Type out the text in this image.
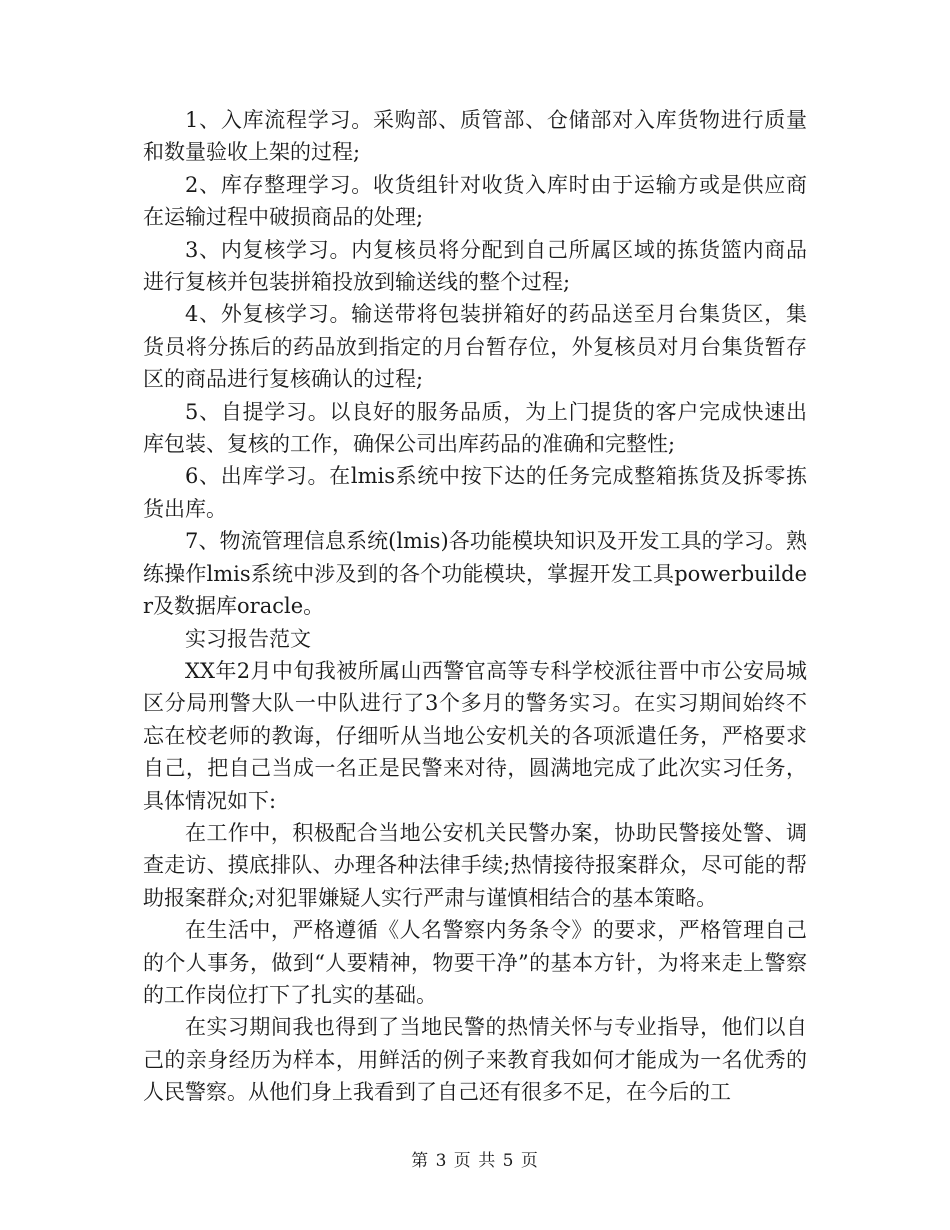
1、入库流程学习。采购部、质管部、仓储部对入库货物进行质量和数量验收上架的过程;

2、库存整理学习。收货组针对收货入库时由于运输方或是供应商在运输过程中破损商品的处理;

3、内复核学习。内复核员将分配到自己所属区域的拣货篮内商品进行复核并包装拼箱投放到输送线的整个过程;

4、外复核学习。输送带将包装拼箱好的药品送至月台集货区，集货员将分拣后的药品放到指定的月台暂存位，外复核员对月台集货暂存区的商品进行复核确认的过程;

5、自提学习。以良好的服务品质，为上门提货的客户完成快速出库包装、复核的工作，确保公司出库药品的准确和完整性;

6、出库学习。在lmis系统中按下达的任务完成整箱拣货及拆零拣货出库。

7、物流管理信息系统(lmis)各功能模块知识及开发工具的学习。熟练操作lmis系统中涉及到的各个功能模块，掌握开发工具powerbuilder及数据库oracle。

实习报告范文

XX年2月中旬我被所属山西警官高等专科学校派往晋中市公安局城区分局刑警大队一中队进行了3个多月的警务实习。在实习期间始终不忘在校老师的教诲，仔细听从当地公安机关的各项派遣任务，严格要求自己，把自己当成一名正是民警来对待，圆满地完成了此次实习任务，具体情况如下:

在工作中，积极配合当地公安机关民警办案，协助民警接处警、调查走访、摸底排队、办理各种法律手续;热情接待报案群众，尽可能的帮助报案群众;对犯罪嫌疑人实行严肃与谨慎相结合的基本策略。

在生活中，严格遵循《人名警察内务条令》的要求，严格管理自己的个人事务，做到“人要精神，物要干净”的基本方针，为将来走上警察的工作岗位打下了扎实的基础。

在实习期间我也得到了当地民警的热情关怀与专业指导，他们以自己的亲身经历为样本，用鲜活的例子来教育我如何才能成为一名优秀的人民警察。从他们身上我看到了自己还有很多不足，在今后的工

第 3 页 共 5 页
